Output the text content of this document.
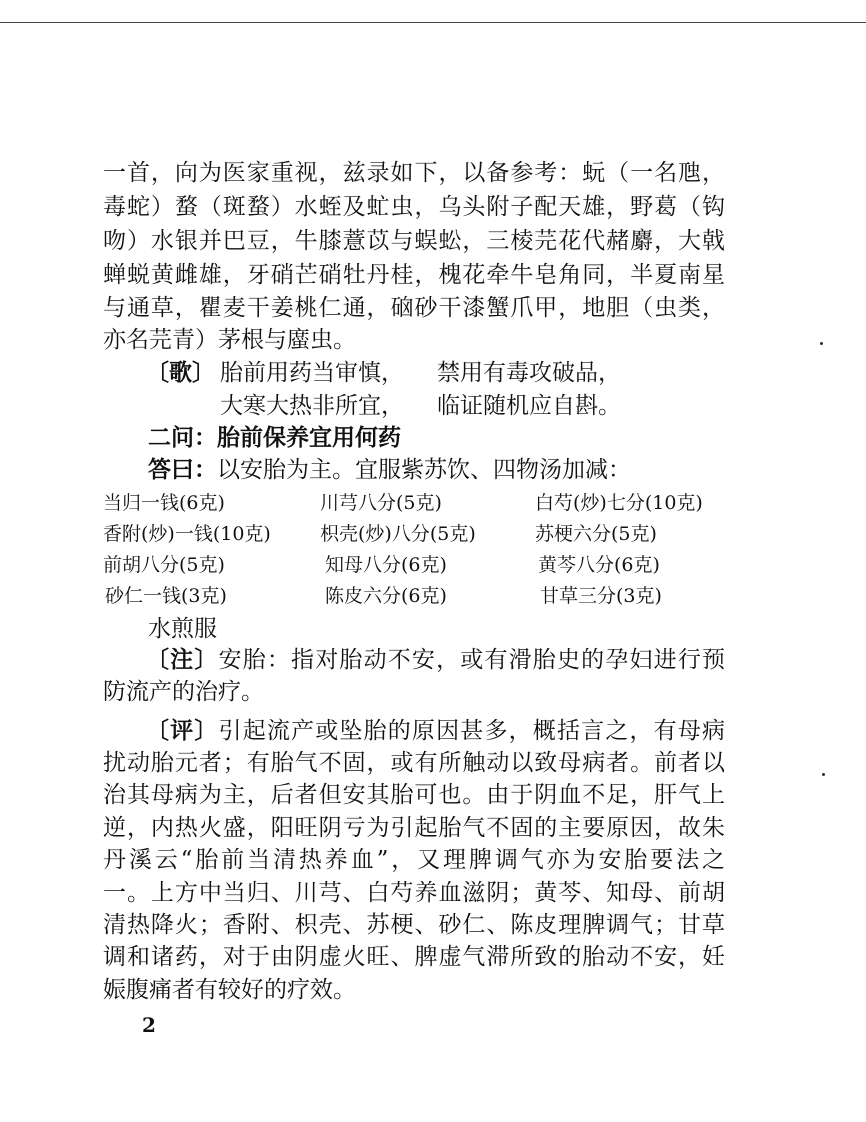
一首，向为医家重视，兹录如下，以备参考：蚖（一名虺，
毒蛇）蝥（斑蝥）水蛭及虻虫，乌头附子配天雄，野葛（钩
吻）水银并巴豆，牛膝薏苡与蜈蚣，三棱芫花代赭麝，大戟
蝉蜕黄雌雄，牙硝芒硝牡丹桂，槐花牵牛皂角同，半夏南星
与通草，瞿麦干姜桃仁通，硇砂干漆蟹爪甲，地胆（虫类，
亦名芫青）茅根与䗪虫。
〔歌〕 胎前用药当审慎， 禁用有毒攻破品，
大寒大热非所宜， 临证随机应自斟。
二问：胎前保养宜用何药
答曰：以安胎为主。宜服紫苏饮、四物汤加减：
当归一钱(6克)	川芎八分(5克)	白芍(炒)七分(10克)
香附(炒)一钱(10克)	枳壳(炒)八分(5克)	苏梗六分(5克)
前胡八分(5克)	知母八分(6克)	黄芩八分(6克)
砂仁一钱(3克)	陈皮六分(6克)	甘草三分(3克)
水煎服
〔注〕安胎：指对胎动不安，或有滑胎史的孕妇进行预
防流产的治疗。
〔评〕引起流产或坠胎的原因甚多，概括言之，有母病
扰动胎元者；有胎气不固，或有所触动以致母病者。前者以
治其母病为主，后者但安其胎可也。由于阴血不足，肝气上
逆，内热火盛，阳旺阴亏为引起胎气不固的主要原因，故朱
丹溪云“胎前当清热养血”，又理脾调气亦为安胎要法之
一。上方中当归、川芎、白芍养血滋阴；黄芩、知母、前胡
清热降火；香附、枳壳、苏梗、砂仁、陈皮理脾调气；甘草
调和诸药，对于由阴虚火旺、脾虚气滞所致的胎动不安，妊
娠腹痛者有较好的疗效。
2
